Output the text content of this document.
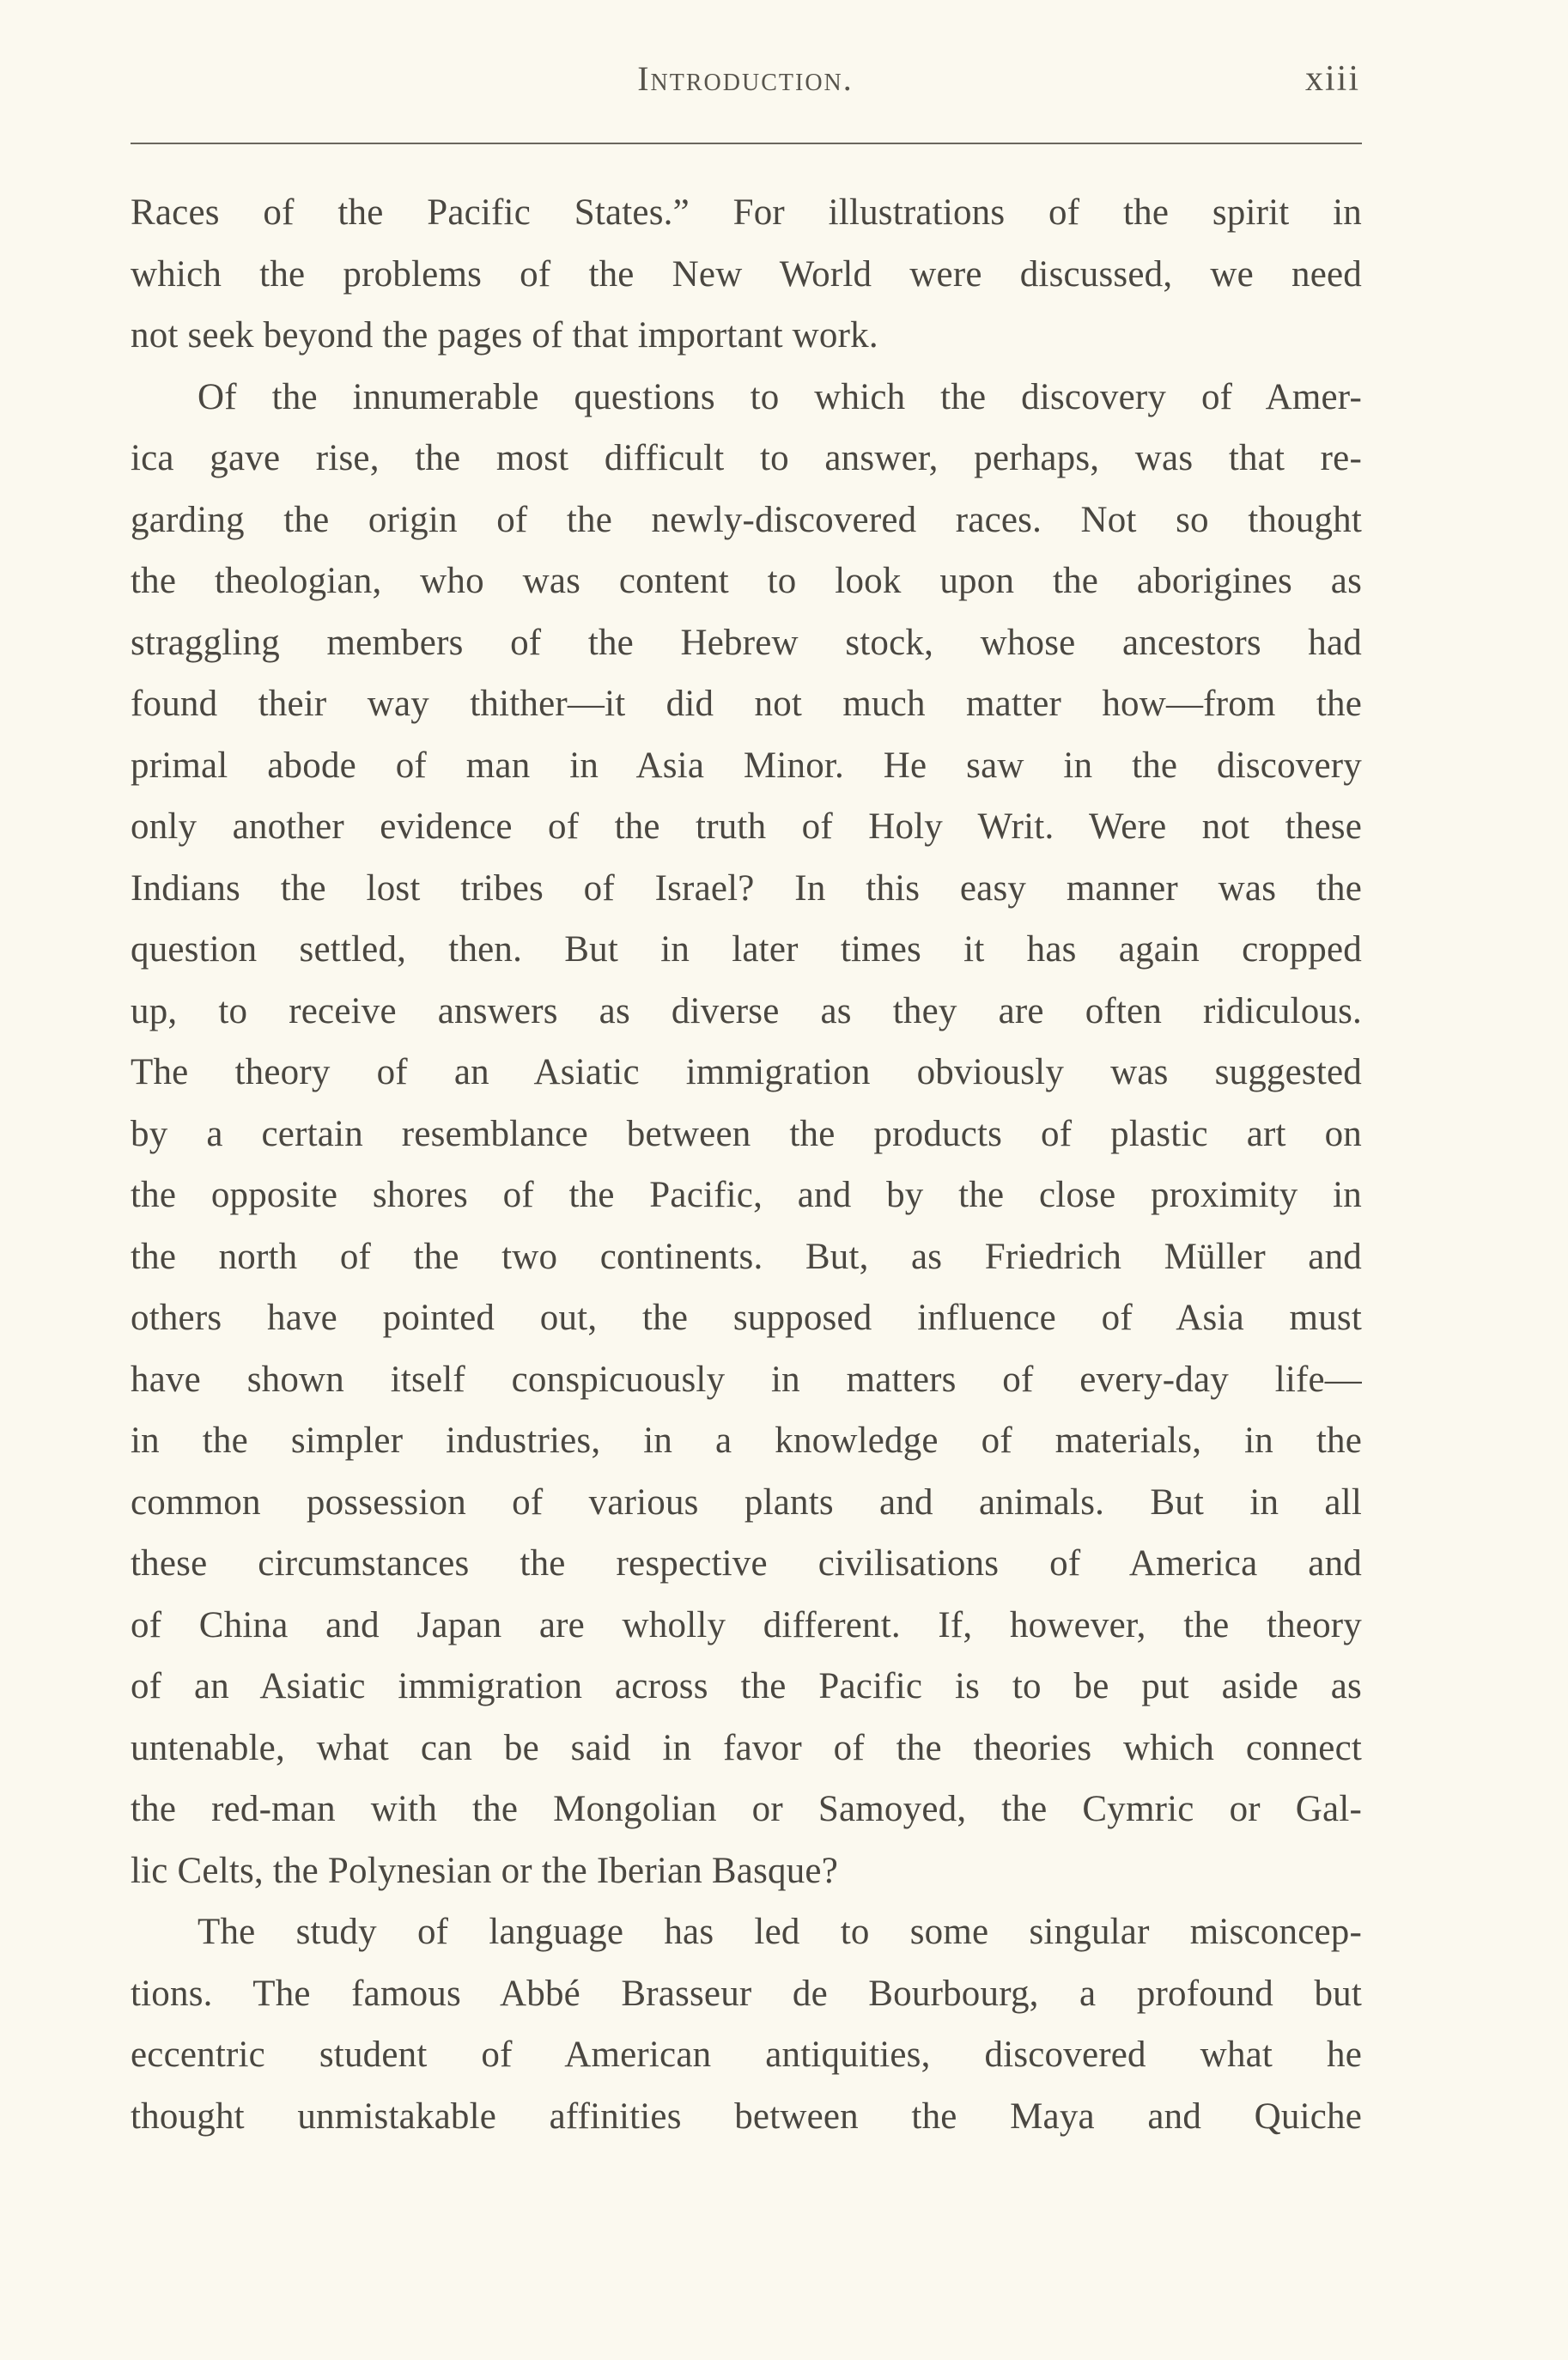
Introduction.	xiii
Races of the Pacific States.” For illustrations of the spirit in
which the problems of the New World were discussed, we need
not seek beyond the pages of that important work.
Of the innumerable questions to which the discovery of Amer-
ica gave rise, the most difficult to answer, perhaps, was that re-
garding the origin of the newly-discovered races. Not so thought
the theologian, who was content to look upon the aborigines as
straggling members of the Hebrew stock, whose ancestors had
found their way thither—it did not much matter how—from the
primal abode of man in Asia Minor. He saw in the discovery
only another evidence of the truth of Holy Writ. Were not these
Indians the lost tribes of Israel? In this easy manner was the
question settled, then. But in later times it has again cropped
up, to receive answers as diverse as they are often ridiculous.
The theory of an Asiatic immigration obviously was suggested
by a certain resemblance between the products of plastic art on
the opposite shores of the Pacific, and by the close proximity in
the north of the two continents. But, as Friedrich Müller and
others have pointed out, the supposed influence of Asia must
have shown itself conspicuously in matters of every-day life—
in the simpler industries, in a knowledge of materials, in the
common possession of various plants and animals. But in all
these circumstances the respective civilisations of America and
of China and Japan are wholly different. If, however, the theory
of an Asiatic immigration across the Pacific is to be put aside as
untenable, what can be said in favor of the theories which connect
the red-man with the Mongolian or Samoyed, the Cymric or Gal-
lic Celts, the Polynesian or the Iberian Basque?
The study of language has led to some singular misconcep-
tions. The famous Abbé Brasseur de Bourbourg, a profound but
eccentric student of American antiquities, discovered what he
thought unmistakable affinities between the Maya and Quiche
